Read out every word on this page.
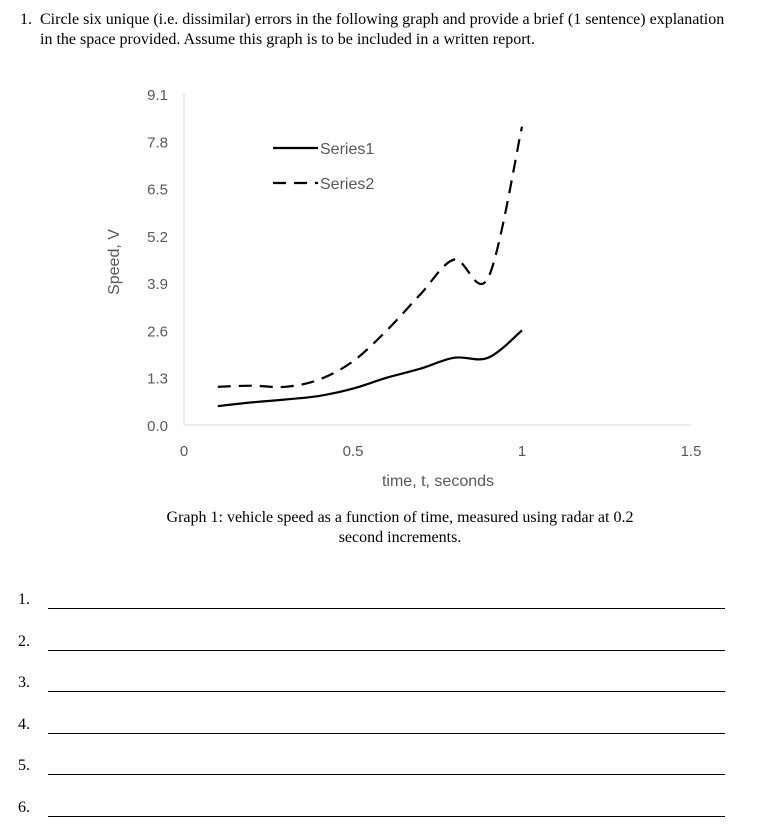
1. Circle six unique (i.e. dissimilar) errors in the following graph and provide a brief (1 sentence) explanation in the space provided. Assume this graph is to be included in a written report.
0.0
1.3
2.6
3.9
5.2
6.5
7.8
9.1
0	0.5	1	1.5
Series1
Series2
Speed, V
time, t, seconds
Graph 1: vehicle speed as a function of time, measured using radar at 0.2 second increments.
1.
2.
3.
4.
5.
6.
